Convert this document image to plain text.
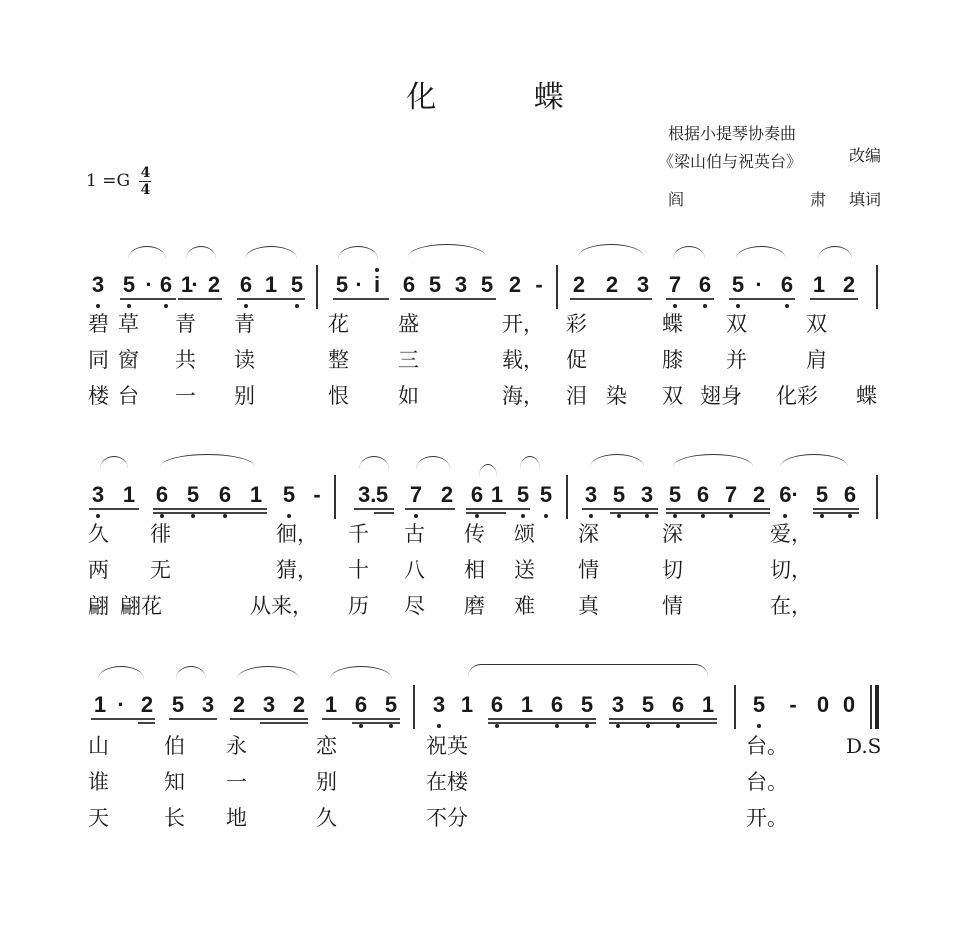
化 蝶
根据小提琴协奏曲
《梁山伯与祝英台》	改编
阎	肃 填词
$1 =G \frac{4}{4}$
3 5 · 6 1
· 2 6 1 5 5 · i 6 5 3 5 2 - 2 2 3 7 6 5 · 6 1 2
碧 草 青 青	花 盛	开， 彩	蝶 双	双
同 窗 共 读	整 三	载， 促	膝 并	肩
楼 台 一 别	恨 如	海， 泪 染 双 翅身 化彩 蝶
3 1 6 5 6 1 5 - 3. 5 7 2 6 1 5 5 3 5 3 5 6 7 2 6· 5 6
久 徘	徊， 千 古 传 颂 深	深	爱，
两 无	猜， 十 八 相 送 情	切	切，
翩 翩花	从来， 历 尽 磨 难 真	情	在，
1 · 2 5 3 2 3 2 1 6 5 3 1 6 1 6 5 3 5 6 1 5 - 0 0
山	伯 永	恋	祝英	台。	D.S
谁	知 一	别	在楼	台。
天	长 地	久	不分	开。
